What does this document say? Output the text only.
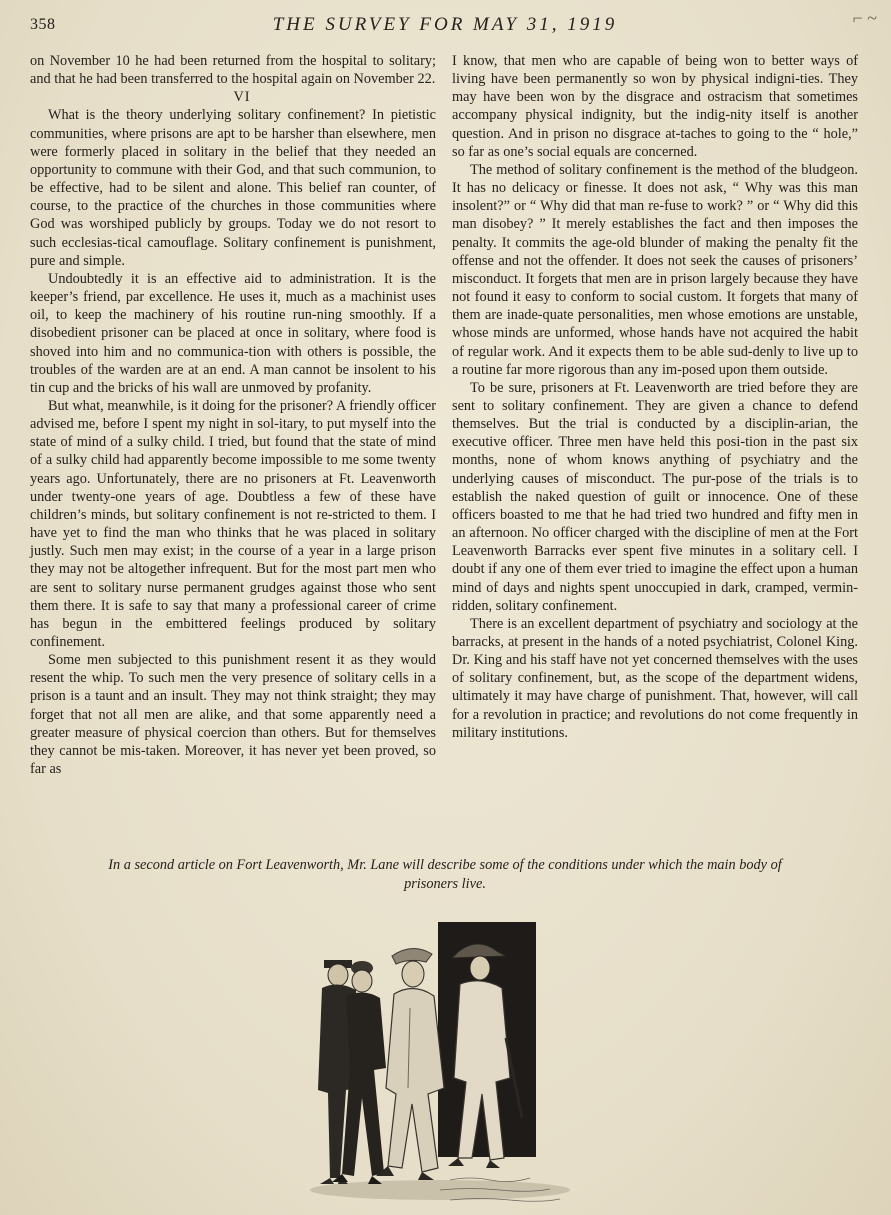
⌐ ~
358	THE SURVEY FOR MAY 31, 1919

on November 10 he had been returned from the hospital to solitary; and that he had been transferred to the hospital again on November 22.

VI

What is the theory underlying solitary confinement? In pietistic communities, where prisons are apt to be harsher than elsewhere, men were formerly placed in solitary in the belief that they needed an opportunity to commune with their God, and that such communion, to be effective, had to be silent and alone. This belief ran counter, of course, to the practice of the churches in those communities where God was worshiped publicly by groups. Today we do not resort to such ecclesias-tical camouflage. Solitary confinement is punishment, pure and simple.

Undoubtedly it is an effective aid to administration. It is the keeper’s friend, par excellence. He uses it, much as a machinist uses oil, to keep the machinery of his routine run-ning smoothly. If a disobedient prisoner can be placed at once in solitary, where food is shoved into him and no communica-tion with others is possible, the troubles of the warden are at an end. A man cannot be insolent to his tin cup and the bricks of his wall are unmoved by profanity.

But what, meanwhile, is it doing for the prisoner? A friendly officer advised me, before I spent my night in sol-itary, to put myself into the state of mind of a sulky child. I tried, but found that the state of mind of a sulky child had apparently become impossible to me some twenty years ago. Unfortunately, there are no prisoners at Ft. Leavenworth under twenty-one years of age. Doubtless a few of these have children’s minds, but solitary confinement is not re-stricted to them. I have yet to find the man who thinks that he was placed in solitary justly. Such men may exist; in the course of a year in a large prison they may not be altogether infrequent. But for the most part men who are sent to solitary nurse permanent grudges against those who sent them there. It is safe to say that many a professional career of crime has begun in the embittered feelings produced by solitary confinement.

Some men subjected to this punishment resent it as they would resent the whip. To such men the very presence of solitary cells in a prison is a taunt and an insult. They may not think straight; they may forget that not all men are alike, and that some apparently need a greater measure of physical coercion than others. But for themselves they cannot be mis-taken. Moreover, it has never yet been proved, so far as

I know, that men who are capable of being won to better ways of living have been permanently so won by physical indigni-ties. They may have been won by the disgrace and ostracism that sometimes accompany physical indignity, but the indig-nity itself is another question. And in prison no disgrace at-taches to going to the “ hole,” so far as one’s social equals are concerned.

The method of solitary confinement is the method of the bludgeon. It has no delicacy or finesse. It does not ask, “ Why was this man insolent?” or “ Why did that man re-fuse to work? ” or “ Why did this man disobey? ” It merely establishes the fact and then imposes the penalty. It commits the age-old blunder of making the penalty fit the offense and not the offender. It does not seek the causes of prisoners’ misconduct. It forgets that men are in prison largely because they have not found it easy to conform to social custom. It forgets that many of them are inade-quate personalities, men whose emotions are unstable, whose minds are unformed, whose hands have not acquired the habit of regular work. And it expects them to be able sud-denly to live up to a routine far more rigorous than any im-posed upon them outside.

To be sure, prisoners at Ft. Leavenworth are tried before they are sent to solitary confinement. They are given a chance to defend themselves. But the trial is conducted by a disciplin-arian, the executive officer. Three men have held this posi-tion in the past six months, none of whom knows anything of psychiatry and the underlying causes of misconduct. The pur-pose of the trials is to establish the naked question of guilt or innocence. One of these officers boasted to me that he had tried two hundred and fifty men in an afternoon. No officer charged with the discipline of men at the Fort Leavenworth Barracks ever spent five minutes in a solitary cell. I doubt if any one of them ever tried to imagine the effect upon a human mind of days and nights spent unoccupied in dark, cramped, vermin-ridden, solitary confinement.

There is an excellent department of psychiatry and sociology at the barracks, at present in the hands of a noted psychiatrist, Colonel King. Dr. King and his staff have not yet concerned themselves with the uses of solitary confinement, but, as the scope of the department widens, ultimately it may have charge of punishment. That, however, will call for a revolution in practice; and revolutions do not come frequently in military institutions.

In a second article on Fort Leavenworth, Mr. Lane will describe some of the conditions under which the main body of prisoners live.
